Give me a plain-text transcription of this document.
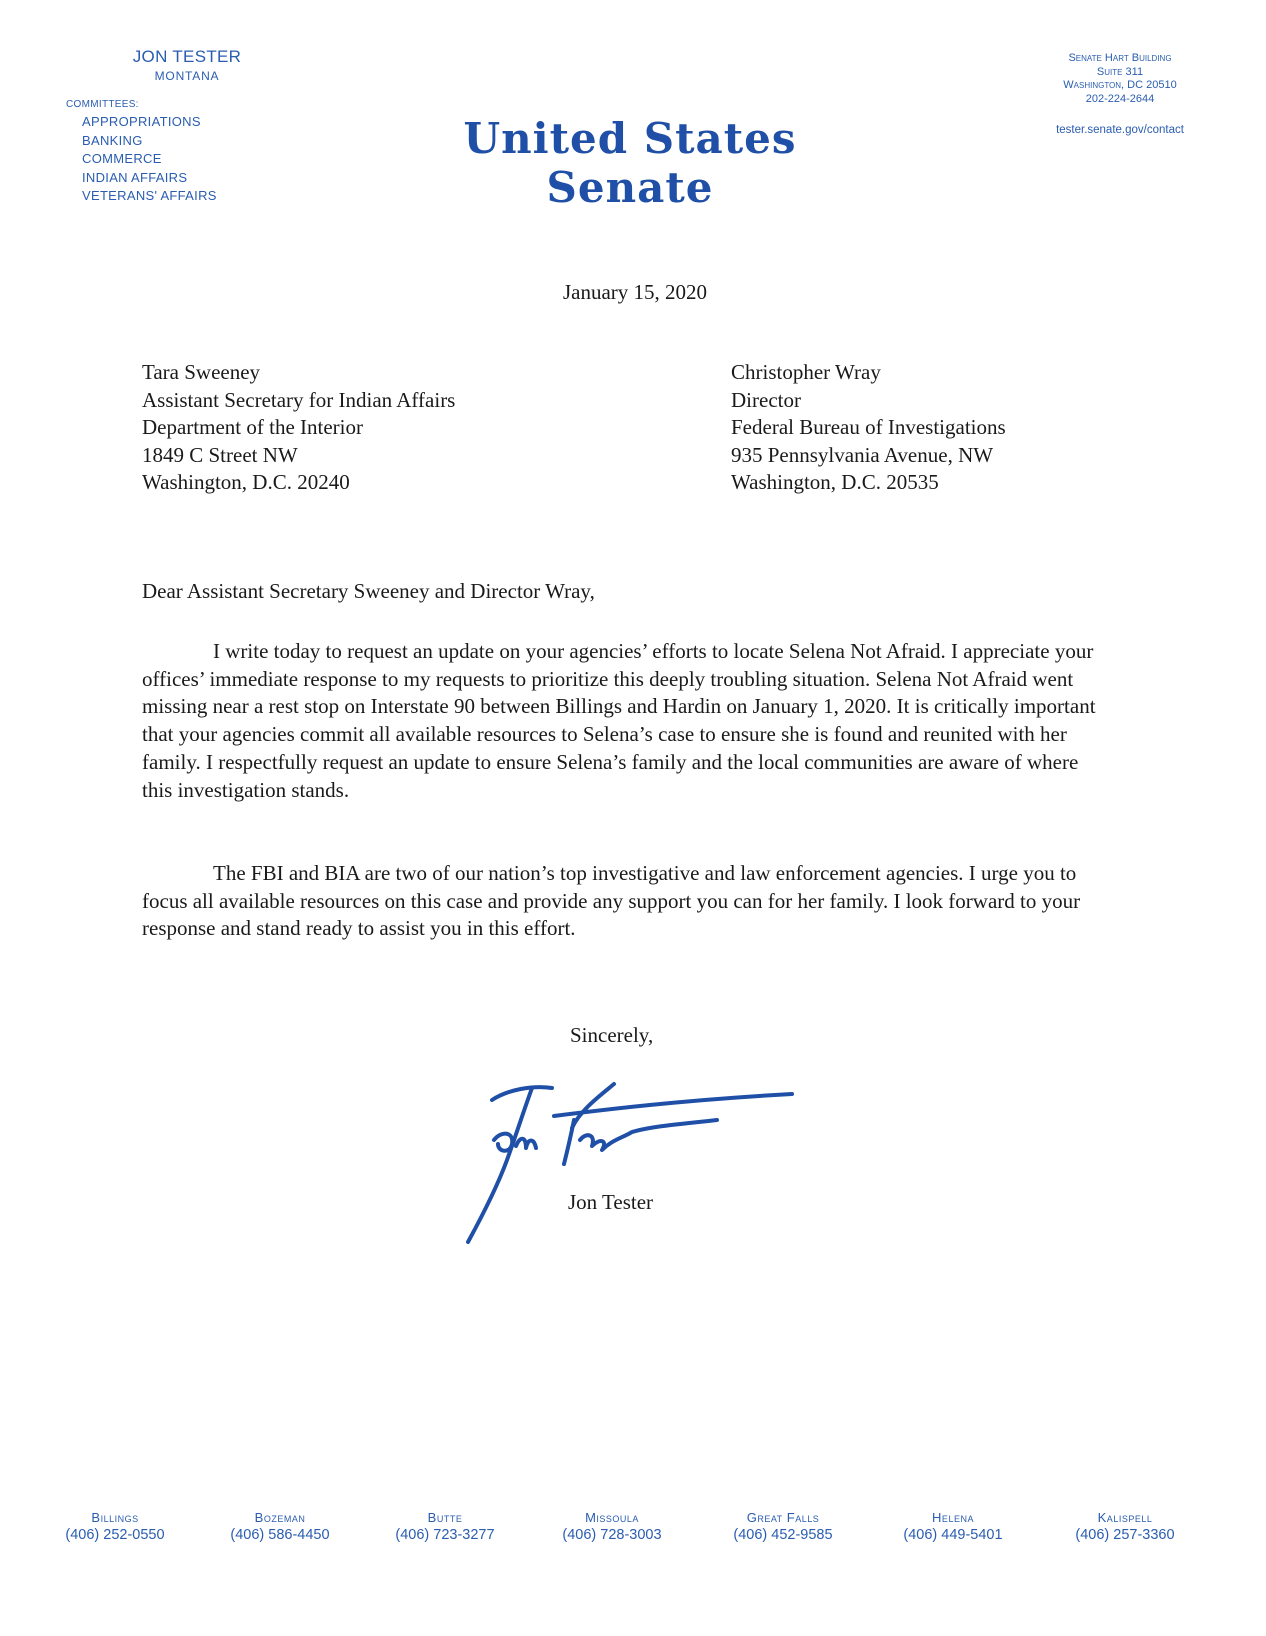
JON TESTER
MONTANA
COMMITTEES:
APPROPRIATIONS
BANKING
COMMERCE
INDIAN AFFAIRS
VETERANS' AFFAIRS
United States Senate
Senate Hart Building
Suite 311
Washington, DC 20510
202-224-2644
tester.senate.gov/contact
January 15, 2020
Tara Sweeney
Assistant Secretary for Indian Affairs
Department of the Interior
1849 C Street NW
Washington, D.C. 20240
Christopher Wray
Director
Federal Bureau of Investigations
935 Pennsylvania Avenue, NW
Washington, D.C. 20535
Dear Assistant Secretary Sweeney and Director Wray,

I write today to request an update on your agencies’ efforts to locate Selena Not Afraid. I appreciate your offices’ immediate response to my requests to prioritize this deeply troubling situation. Selena Not Afraid went missing near a rest stop on Interstate 90 between Billings and Hardin on January 1, 2020. It is critically important that your agencies commit all available resources to Selena’s case to ensure she is found and reunited with her family. I respectfully request an update to ensure Selena’s family and the local communities are aware of where this investigation stands.

The FBI and BIA are two of our nation’s top investigative and law enforcement agencies. I urge you to focus all available resources on this case and provide any support you can for her family. I look forward to your response and stand ready to assist you in this effort.

Sincerely,
Jon Tester
Billings
(406) 252-0550
Bozeman
(406) 586-4450
Butte
(406) 723-3277
Missoula
(406) 728-3003
Great Falls
(406) 452-9585
Helena
(406) 449-5401
Kalispell
(406) 257-3360
